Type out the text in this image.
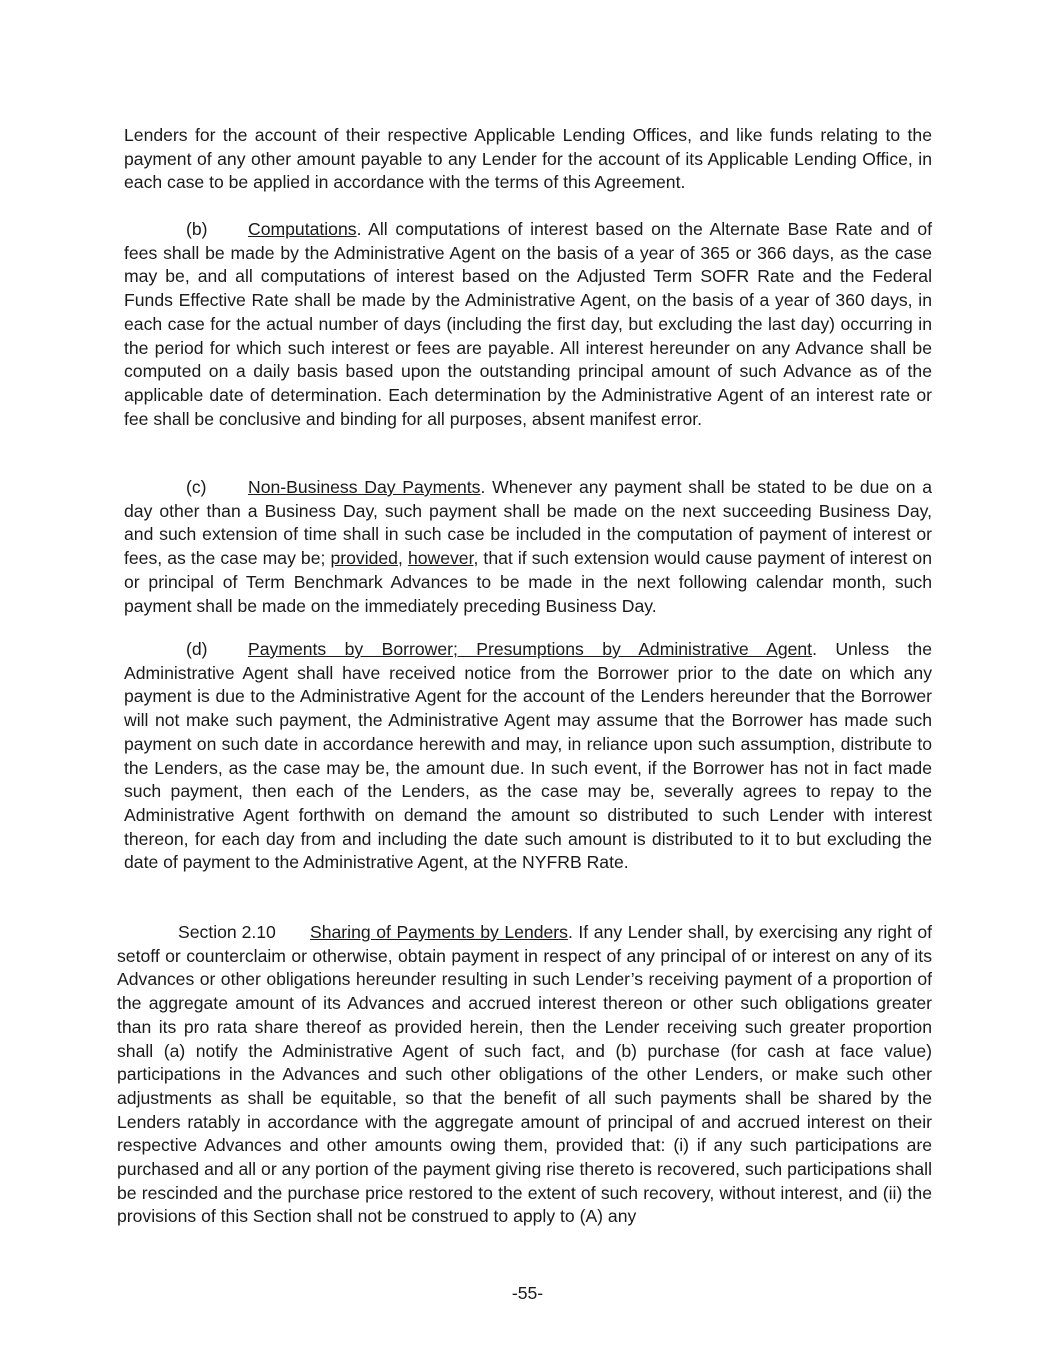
Lenders for the account of their respective Applicable Lending Offices, and like funds relating to the payment of any other amount payable to any Lender for the account of its Applicable Lending Office, in each case to be applied in accordance with the terms of this Agreement.

(b) Computations. All computations of interest based on the Alternate Base Rate and of fees shall be made by the Administrative Agent on the basis of a year of 365 or 366 days, as the case may be, and all computations of interest based on the Adjusted Term SOFR Rate and the Federal Funds Effective Rate shall be made by the Administrative Agent, on the basis of a year of 360 days, in each case for the actual number of days (including the first day, but excluding the last day) occurring in the period for which such interest or fees are payable. All interest hereunder on any Advance shall be computed on a daily basis based upon the outstanding principal amount of such Advance as of the applicable date of determination. Each determination by the Administrative Agent of an interest rate or fee shall be conclusive and binding for all purposes, absent manifest error.

(c) Non-Business Day Payments. Whenever any payment shall be stated to be due on a day other than a Business Day, such payment shall be made on the next succeeding Business Day, and such extension of time shall in such case be included in the computation of payment of interest or fees, as the case may be; provided, however, that if such extension would cause payment of interest on or principal of Term Benchmark Advances to be made in the next following calendar month, such payment shall be made on the immediately preceding Business Day.

(d) Payments by Borrower; Presumptions by Administrative Agent. Unless the Administrative Agent shall have received notice from the Borrower prior to the date on which any payment is due to the Administrative Agent for the account of the Lenders hereunder that the Borrower will not make such payment, the Administrative Agent may assume that the Borrower has made such payment on such date in accordance herewith and may, in reliance upon such assumption, distribute to the Lenders, as the case may be, the amount due. In such event, if the Borrower has not in fact made such payment, then each of the Lenders, as the case may be, severally agrees to repay to the Administrative Agent forthwith on demand the amount so distributed to such Lender with interest thereon, for each day from and including the date such amount is distributed to it to but excluding the date of payment to the Administrative Agent, at the NYFRB Rate.

Section 2.10 Sharing of Payments by Lenders. If any Lender shall, by exercising any right of setoff or counterclaim or otherwise, obtain payment in respect of any principal of or interest on any of its Advances or other obligations hereunder resulting in such Lender’s receiving payment of a proportion of the aggregate amount of its Advances and accrued interest thereon or other such obligations greater than its pro rata share thereof as provided herein, then the Lender receiving such greater proportion shall (a) notify the Administrative Agent of such fact, and (b) purchase (for cash at face value) participations in the Advances and such other obligations of the other Lenders, or make such other adjustments as shall be equitable, so that the benefit of all such payments shall be shared by the Lenders ratably in accordance with the aggregate amount of principal of and accrued interest on their respective Advances and other amounts owing them, provided that: (i) if any such participations are purchased and all or any portion of the payment giving rise thereto is recovered, such participations shall be rescinded and the purchase price restored to the extent of such recovery, without interest, and (ii) the provisions of this Section shall not be construed to apply to (A) any

-55-
